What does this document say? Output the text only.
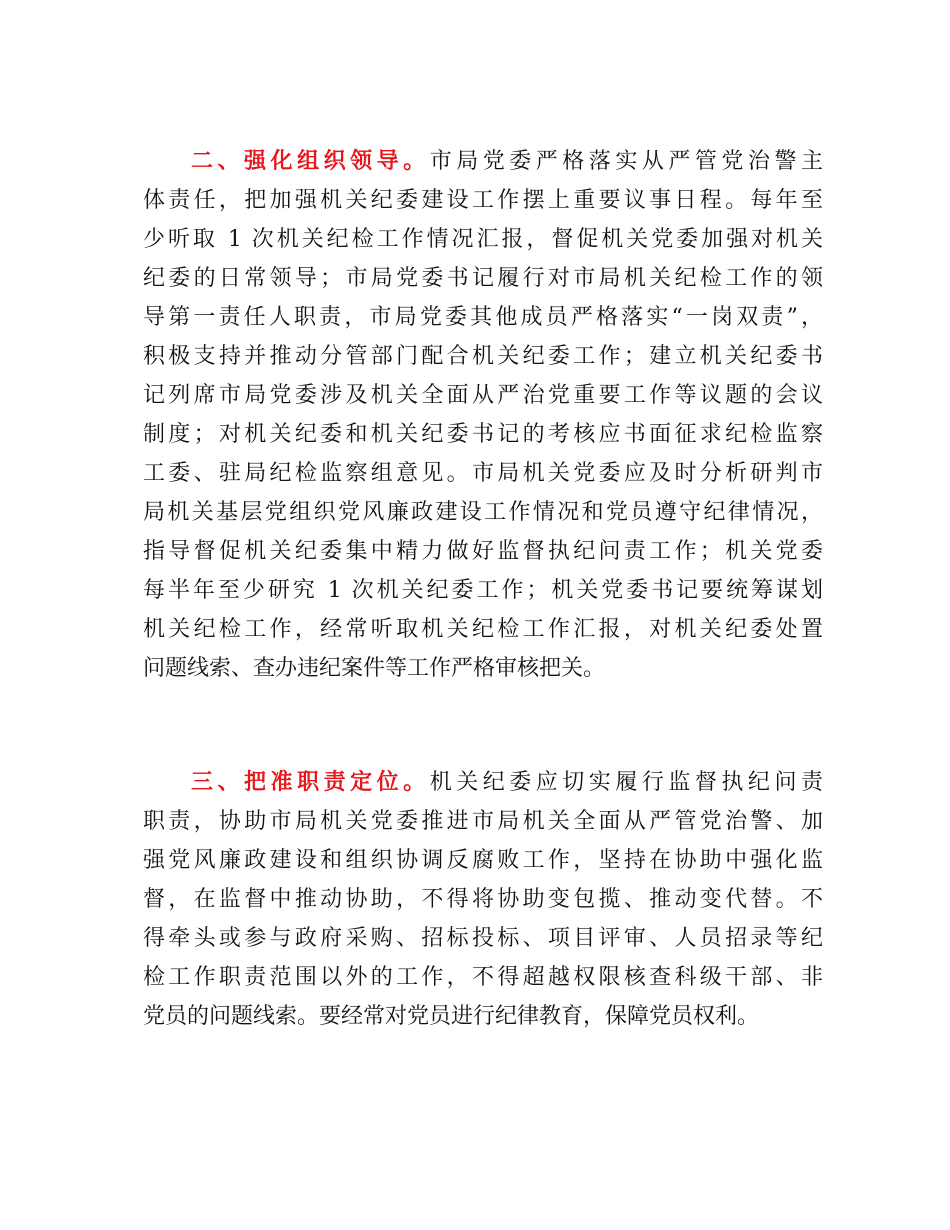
二、强化组织领导。市局党委严格落实从严管党治警主
体责任，把加强机关纪委建设工作摆上重要议事日程。每年至
少听取 1 次机关纪检工作情况汇报，督促机关党委加强对机关
纪委的日常领导；市局党委书记履行对市局机关纪检工作的领
导第一责任人职责，市局党委其他成员严格落实“一岗双责”，
积极支持并推动分管部门配合机关纪委工作；建立机关纪委书
记列席市局党委涉及机关全面从严治党重要工作等议题的会议
制度；对机关纪委和机关纪委书记的考核应书面征求纪检监察
工委、驻局纪检监察组意见。市局机关党委应及时分析研判市
局机关基层党组织党风廉政建设工作情况和党员遵守纪律情况，
指导督促机关纪委集中精力做好监督执纪问责工作；机关党委
每半年至少研究 1 次机关纪委工作；机关党委书记要统筹谋划
机关纪检工作，经常听取机关纪检工作汇报，对机关纪委处置
问题线索、查办违纪案件等工作严格审核把关。
三、把准职责定位。机关纪委应切实履行监督执纪问责
职责，协助市局机关党委推进市局机关全面从严管党治警、加
强党风廉政建设和组织协调反腐败工作，坚持在协助中强化监
督，在监督中推动协助，不得将协助变包揽、推动变代替。不
得牵头或参与政府采购、招标投标、项目评审、人员招录等纪
检工作职责范围以外的工作，不得超越权限核查科级干部、非
党员的问题线索。要经常对党员进行纪律教育，保障党员权利。
